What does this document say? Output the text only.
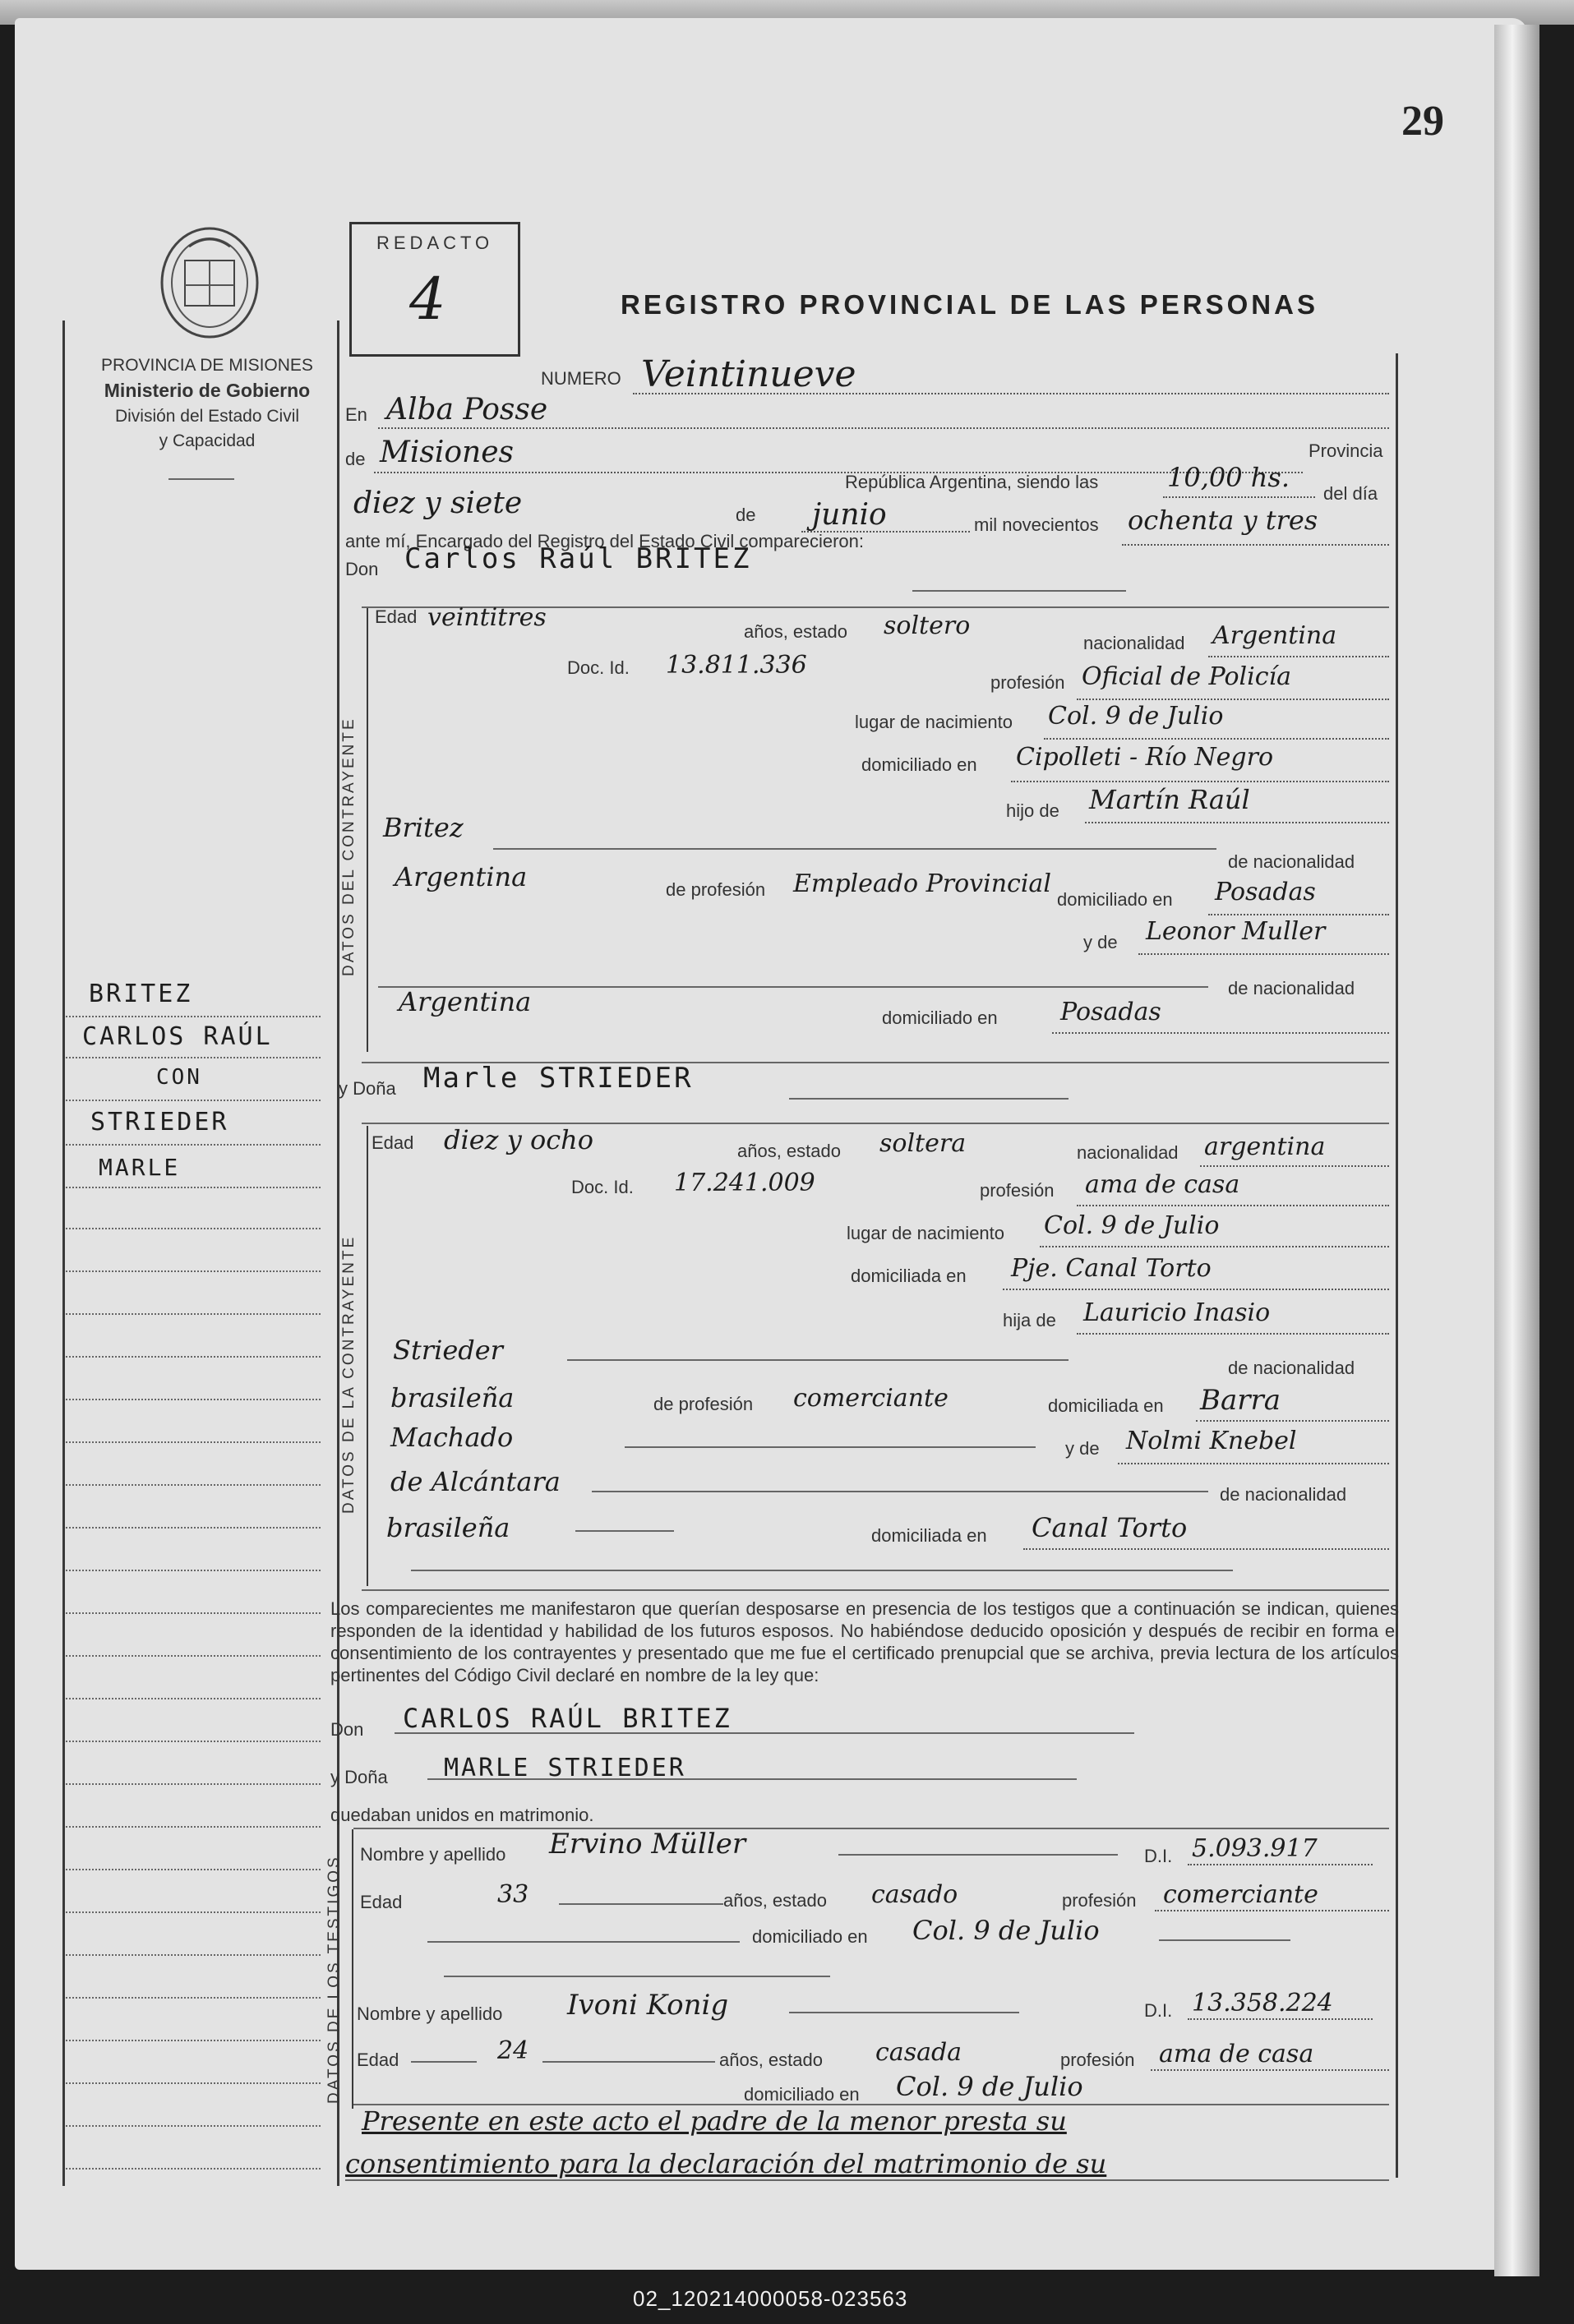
29
PROVINCIA DE MISIONES
Ministerio de Gobierno
División del Estado Civil
y Capacidad
REDACTO
4	REGISTRO PROVINCIAL DE LAS PERSONAS
NUMERO Veintinueve
En Alba Posse
de Misiones	Provincia
República Argentina, siendo las	10,00 hs.
del día
diez y siete	de junio	mil novecientos ochenta y tres
ante mí, Encargado del Registro del Estado Civil comparecieron:
Don Carlos Raúl BRITEZ
DATOS DEL CONTRAYENTE
Edad veintitres	años, estado soltero
nacionalidad Argentina
Doc. Id. 13.811.336
profesión Oficial de Policía
lugar de nacimiento Col. 9 de Julio
domiciliado en Cipolleti - Río Negro
hijo de Martín Raúl
Britez
de nacionalidad
Argentina	de profesión Empleado Provincial
domiciliado en Posadas
y de Leonor Muller
de nacionalidad
Argentina
domiciliado en	Posadas
BRITEZ
CARLOS RAÚL
CON
STRIEDER
MARLE
y Doña Marle STRIEDER
DATOS DE LA CONTRAYENTE
Edad diez y ocho	años, estado soltera	nacionalidad argentina
Doc. Id. 17.241.009	profesión ama de casa
lugar de nacimiento Col. 9 de Julio
domiciliada en Pje. Canal Torto
hija de Lauricio Inasio
Strieder
de nacionalidad
brasileña	de profesión comerciante	domiciliada en Barra
Machado	y de Nolmi Knebel
de Alcántara	de nacionalidad
brasileña	domiciliada en Canal Torto
Los comparecientes me manifestaron que querían desposarse en presencia de los testigos que a continuación se indican, quienes responden de la identidad y habilidad de los futuros esposos. No habiéndose deducido oposición y después de recibir en forma el consentimiento de los contrayentes y presentado que me fue el certificado prenupcial que se archiva, previa lectura de los artículos pertinentes del Código Civil declaré en nombre de la ley que:
Don CARLOS RAÚL BRITEZ
y Doña MARLE STRIEDER
quedaban unidos en matrimonio.
DATOS DE LOS TESTIGOS
Nombre y apellido Ervino Müller	D.I. 5.093.917
Edad	33	años, estado casado	profesión comerciante
domiciliado en Col. 9 de Julio
Nombre y apellido Ivoni Konig	D.I. 13.358.224
Edad	24	años, estado casada	profesión ama de casa
domiciliado en Col. 9 de Julio
Presente en este acto el padre de la menor presta su
consentimiento para la declaración del matrimonio de su
02_120214000058-023563
